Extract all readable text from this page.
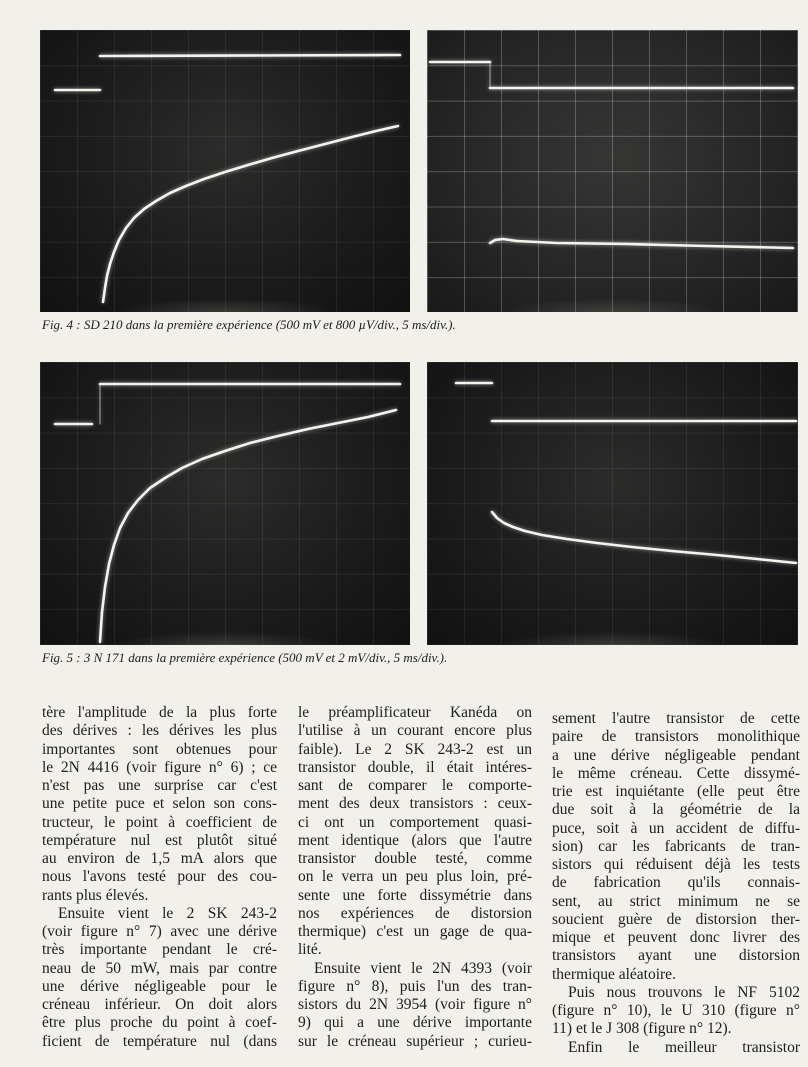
Fig. 4 : SD 210 dans la première expérience (500 mV et 800 µV/div., 5 ms/div.).
Fig. 5 : 3 N 171 dans la première expérience (500 mV et 2 mV/div., 5 ms/div.).
tère l'amplitude de la plus forte
des dérives : les dérives les plus
importantes sont obtenues pour
le 2N 4416 (voir figure n° 6) ; ce
n'est pas une surprise car c'est
une petite puce et selon son cons-
tructeur, le point à coefficient de
température nul est plutôt situé
au environ de 1,5 mA alors que
nous l'avons testé pour des cou-
rants plus élevés.
Ensuite vient le 2 SK 243-2
(voir figure n° 7) avec une dérive
très importante pendant le cré-
neau de 50 mW, mais par contre
une dérive négligeable pour le
créneau inférieur. On doit alors
être plus proche du point à coef-
ficient de température nul (dans
le préamplificateur Kanéda on
l'utilise à un courant encore plus
faible). Le 2 SK 243-2 est un
transistor double, il était intéres-
sant de comparer le comporte-
ment des deux transistors : ceux-
ci ont un comportement quasi-
ment identique (alors que l'autre
transistor double testé, comme
on le verra un peu plus loin, pré-
sente une forte dissymétrie dans
nos expériences de distorsion
thermique) c'est un gage de qua-
lité.
Ensuite vient le 2N 4393 (voir
figure n° 8), puis l'un des tran-
sistors du 2N 3954 (voir figure n°
9) qui a une dérive importante
sur le créneau supérieur ; curieu-
sement l'autre transistor de cette
paire de transistors monolithique
a une dérive négligeable pendant
le même créneau. Cette dissymé-
trie est inquiétante (elle peut être
due soit à la géométrie de la
puce, soit à un accident de diffu-
sion) car les fabricants de tran-
sistors qui réduisent déjà les tests
de fabrication qu'ils connais-
sent, au strict minimum ne se
soucient guère de distorsion ther-
mique et peuvent donc livrer des
transistors ayant une distorsion
thermique aléatoire.
Puis nous trouvons le NF 5102
(figure n° 10), le U 310 (figure n°
11) et le J 308 (figure n° 12).
Enfin le meilleur transistor
